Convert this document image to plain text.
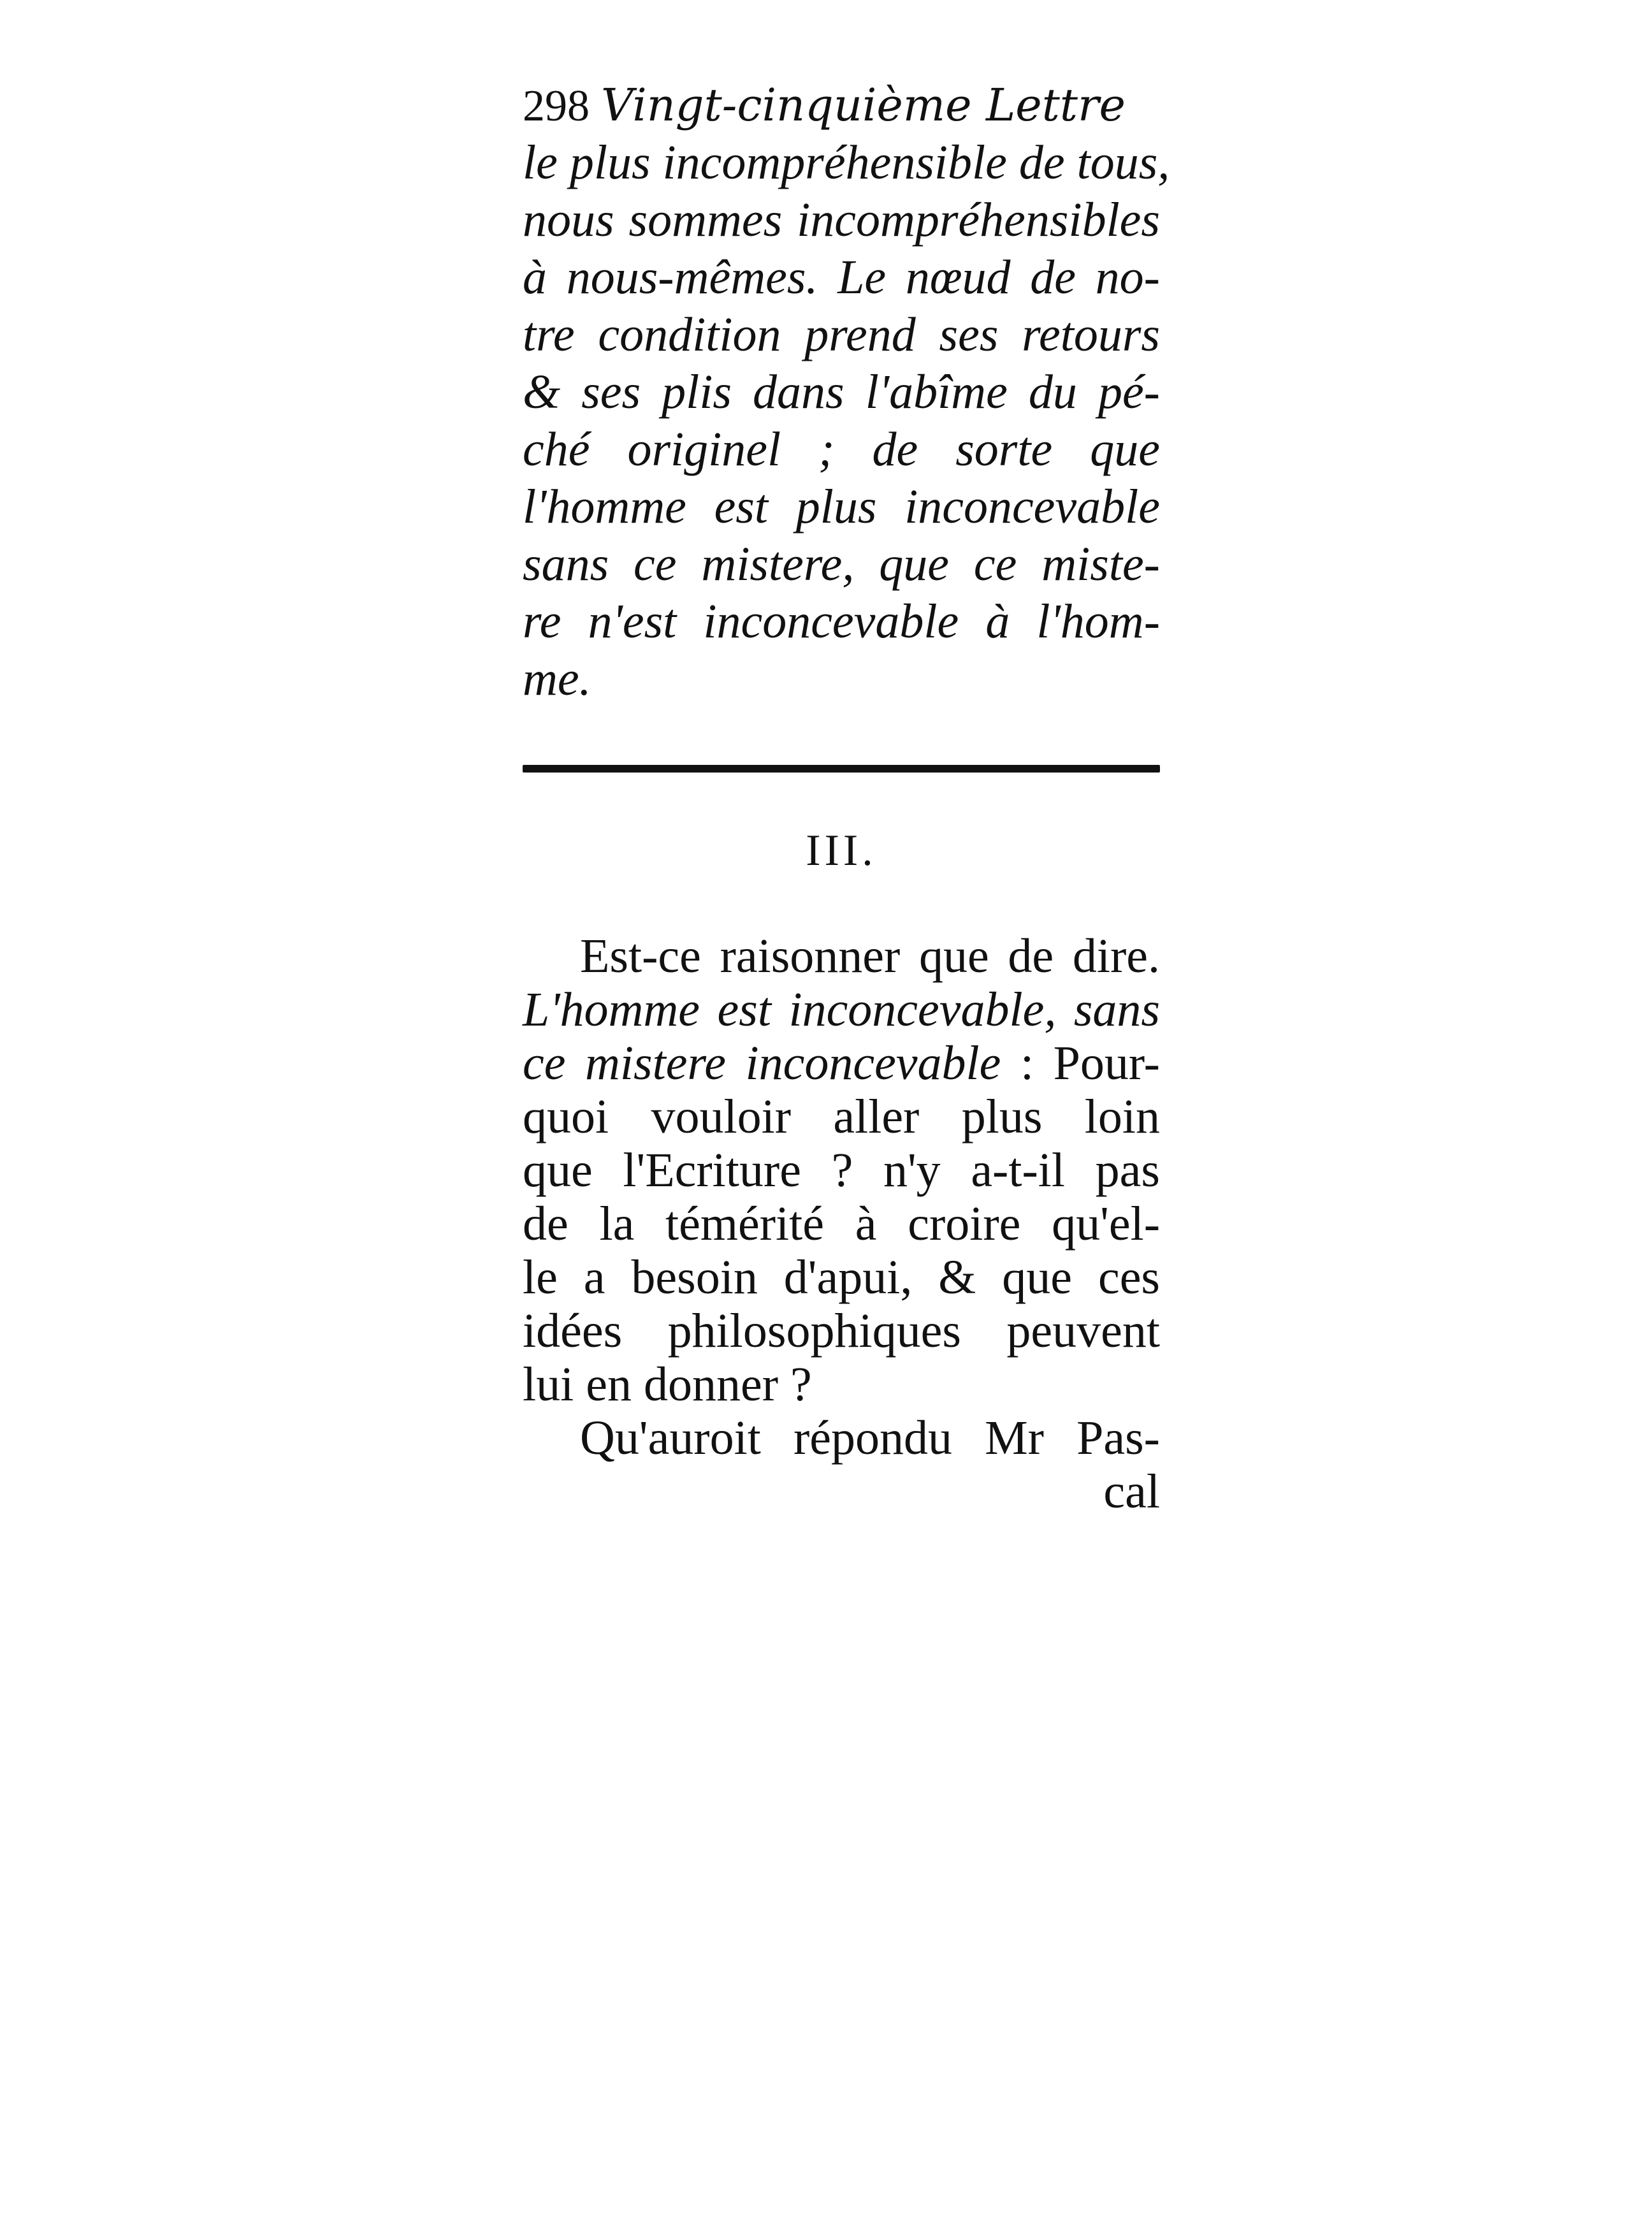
298 Vingt-cinquième Lettre
le plus incompréhensible de tous,
nous sommes incompréhensibles
à nous-mêmes. Le nœud de no-
tre condition prend ses retours
& ses plis dans l'abîme du pé-
ché originel ; de sorte que
l'homme est plus inconcevable
sans ce mistere, que ce miste-
re n'est inconcevable à l'hom-
me.
III.
Est-ce raisonner que de dire.
L'homme est inconcevable, sans
ce mistere inconcevable : Pour-
quoi vouloir aller plus loin
que l'Ecriture ? n'y a-t-il pas
de la témérité à croire qu'el-
le a besoin d'apui, & que ces
idées philosophiques peuvent
lui en donner ?
Qu'auroit répondu Mr Pas-
cal
